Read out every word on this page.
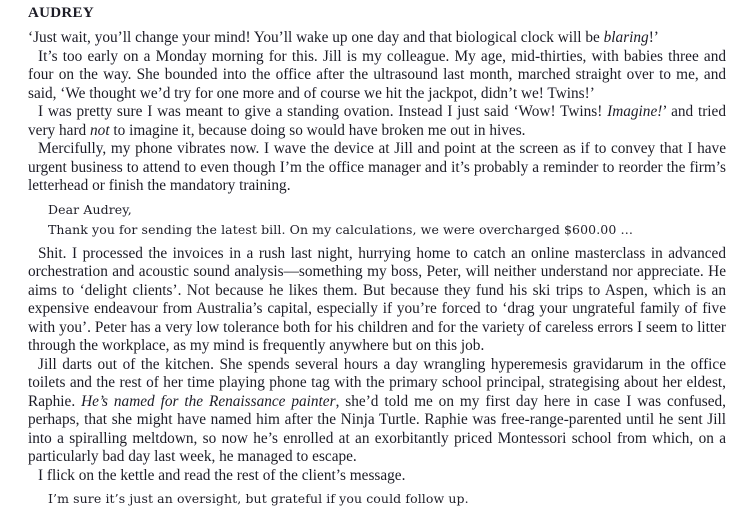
AUDREY

‘Just wait, you’ll change your mind! You’ll wake up one day and that biological clock will be blaring!’

It’s too early on a Monday morning for this. Jill is my colleague. My age, mid-thirties, with babies three and four on the way. She bounded into the office after the ultrasound last month, marched straight over to me, and said, ‘We thought we’d try for one more and of course we hit the jackpot, didn’t we! Twins!’

I was pretty sure I was meant to give a standing ovation. Instead I just said ‘Wow! Twins! Imagine!’ and tried very hard not to imagine it, because doing so would have broken me out in hives.

Mercifully, my phone vibrates now. I wave the device at Jill and point at the screen as if to convey that I have urgent business to attend to even though I’m the office manager and it’s probably a reminder to reorder the firm’s letterhead or finish the mandatory training.

Dear Audrey,

Thank you for sending the latest bill. On my calculations, we were overcharged $600.00 …

Shit. I processed the invoices in a rush last night, hurrying home to catch an online masterclass in advanced orchestration and acoustic sound analysis—something my boss, Peter, will neither understand nor appreciate. He aims to ‘delight clients’. Not because he likes them. But because they fund his ski trips to Aspen, which is an expensive endeavour from Australia’s capital, especially if you’re forced to ‘drag your ungrateful family of five with you’. Peter has a very low tolerance both for his children and for the variety of careless errors I seem to litter through the workplace, as my mind is frequently anywhere but on this job.

Jill darts out of the kitchen. She spends several hours a day wrangling hyperemesis gravidarum in the office toilets and the rest of her time playing phone tag with the primary school principal, strategising about her eldest, Raphie. He’s named for the Renaissance painter, she’d told me on my first day here in case I was confused, perhaps, that she might have named him after the Ninja Turtle. Raphie was free-range-parented until he sent Jill into a spiralling meltdown, so now he’s enrolled at an exorbitantly priced Montessori school from which, on a particularly bad day last week, he managed to escape.

I flick on the kettle and read the rest of the client’s message.

I’m sure it’s just an oversight, but grateful if you could follow up.
